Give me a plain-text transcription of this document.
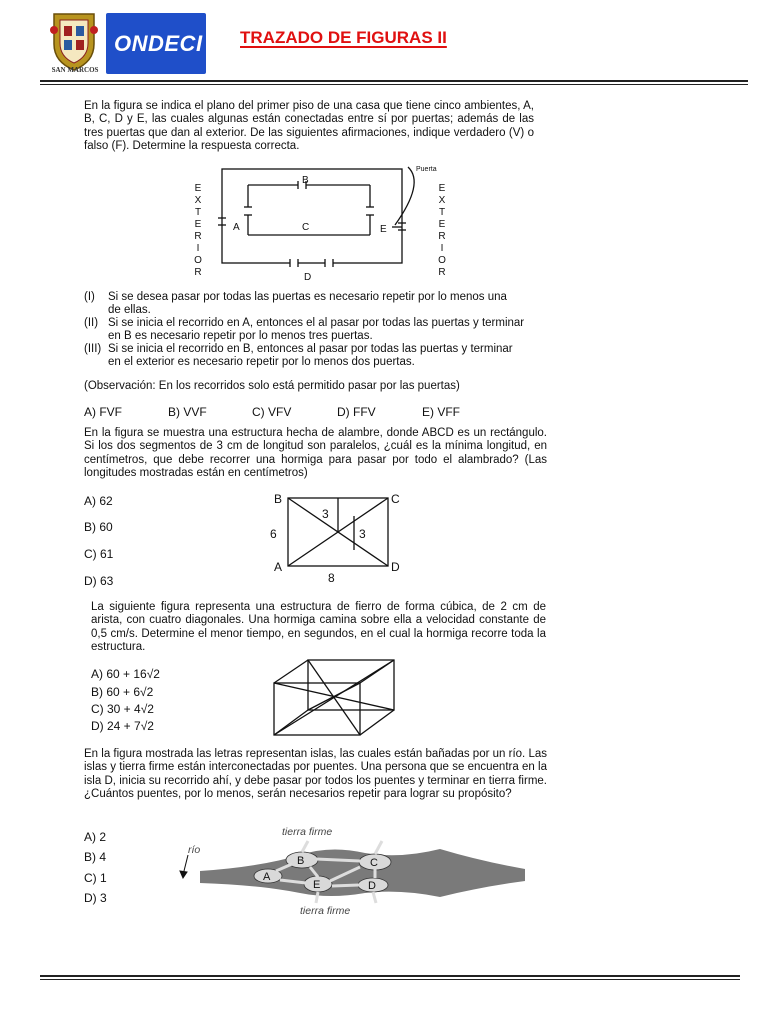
SAN MARCOS
ONDECI TRAZADO DE FIGURAS II
En la figura se indica el plano del primer piso de una casa que tiene cinco ambientes, A, B, C, D y E, las cuales algunas están conectadas entre sí por puertas; además de las tres puertas que dan al exterior. De las siguientes afirmaciones, indique verdadero (V) o falso (F). Determine la respuesta correcta.
A
B
C
D
E
Puerta
E
X
T
E
R
I
O
R
E
X
T
E
R
I
O
R
(I) Si se desea pasar por todas las puertas es necesario repetir por lo menos una
de ellas.
(II) Si se inicia el recorrido en A, entonces el al pasar por todas las puertas y terminar
en B es necesario repetir por lo menos tres puertas.
(III) Si se inicia el recorrido en B, entonces al pasar por todas las puertas y terminar
en el exterior es necesario repetir por lo menos dos puertas.
(Observación: En los recorridos solo está permitido pasar por las puertas)
A) FVF	B) VVF	C) VFV	D) FFV	E) VFF
En la figura se muestra una estructura hecha de alambre, donde ABCD es un rectángulo. Si los dos segmentos de 3 cm de longitud son paralelos, ¿cuál es la mínima longitud, en centímetros, que debe recorrer una hormiga para pasar por todo el alambrado? (Las longitudes mostradas están en centímetros)
A) 62
B) 60
C) 61
D) 63
B	C
A	D
6
8
3
3
La siguiente figura representa una estructura de fierro de forma cúbica, de 2 cm de arista, con cuatro diagonales. Una hormiga camina sobre ella a velocidad constante de 0,5 cm/s. Determine el menor tiempo, en segundos, en el cual la hormiga recorre toda la estructura.
A) 60 + 16√2
B) 60 + 6√2
C) 30 + 4√2
D) 24 + 7√2
En la figura mostrada las letras representan islas, las cuales están bañadas por un río. Las islas y tierra firme están interconectadas por puentes. Una persona que se encuentra en la isla D, inicia su recorrido ahí, y debe pasar por todos los puentes y terminar en tierra firme. ¿Cuántos puentes, por lo menos, serán necesarios repetir para lograr su propósito?
A) 2
B) 4
C) 1
D) 3
A
B	C
D
E
tierra firme
tierra firme
río
